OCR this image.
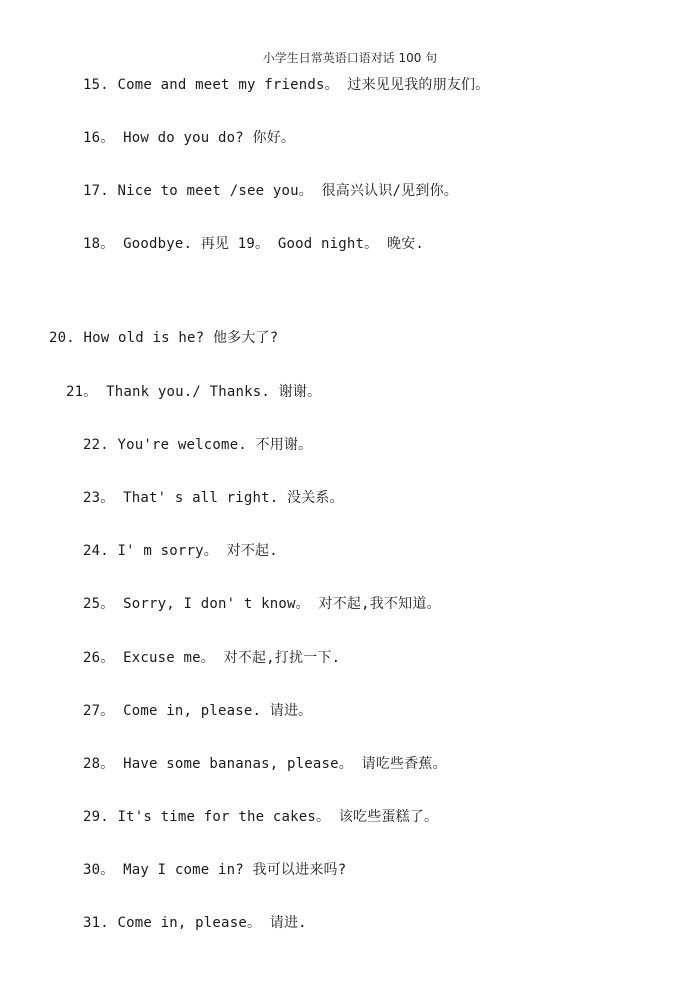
小学生日常英语口语对话 100 句
15. Come and meet my friends。 过来见见我的朋友们。
16。 How do you do? 你好。
17. Nice to meet /see you。 很高兴认识/见到你。
18。 Goodbye. 再见 19。 Good night。 晚安.
20. How old is he? 他多大了?
21。 Thank you./ Thanks. 谢谢。
22. You're welcome. 不用谢。
23。 That' s all right. 没关系。
24. I' m sorry。 对不起.
25。 Sorry, I don' t know。 对不起,我不知道。
26。 Excuse me。 对不起,打扰一下.
27。 Come in, please. 请进。
28。 Have some bananas, please。 请吃些香蕉。
29. It's time for the cakes。 该吃些蛋糕了。
30。 May I come in? 我可以进来吗?
31. Come in, please。 请进.
